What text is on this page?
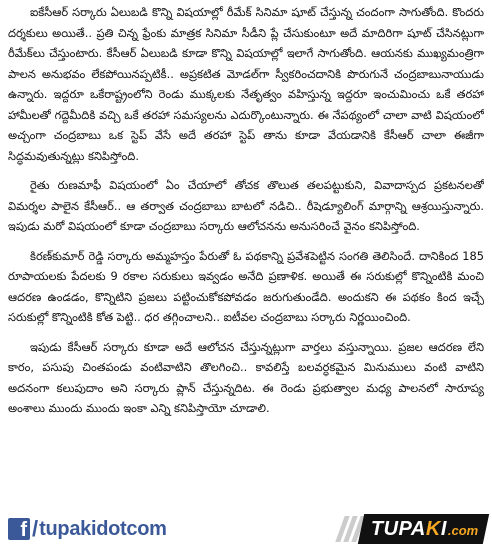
ఐకేసీఆర్ సర్కారు ఏలుబడి కొన్ని విషయాల్లో రీమేక్ సినిమా షూట్ చేస్తున్న చందంగా సాగుతోంది. కొందరు దర్శకులు అయితే.. ప్రతి చిన్న ఫ్రేంకు మాత్రక సినిమా సీడీని ప్లే చేసుకుంటూ అదే మాదిరిగా షూట్ చేసినట్లుగా రీమేక్‌లు చేస్తుంటారు. కేసీఆర్ ఏలుబడి కూడా కొన్ని విషయాల్లో ఇలాగే సాగుతోంది. ఆయనకు ముఖ్యమంత్రిగా పాలన అనుభవం లేకపోయినప్పటికీ.. అప్రకటిత మోడల్‌గా స్వీకరించదానికి పొరుగునే చంద్రబాబునాయుడు ఉన్నారు. ఇద్దరూ ఒకేరాష్ట్రంలోని రెండు ముక్కలకు నేతృత్వం వహిస్తున్న ఇద్దరూ ఇంచుమించు ఒకే తరహా హామీలతో గద్దెమీదికి వచ్చి ఒకే తరహా సమస్యలను ఎదుర్కొంటున్నారు. ఈ నేపథ్యంలో చాలా వాటి విషయంలో అచ్చంగా చంద్రబాబు ఒక స్టెప్ వేసే అదే తరహా స్టెప్ తాను కూడా వేయడానికి కేసీఆర్ చాలా ఈజీగా సిద్ధమవుతున్నట్లు కనిపిస్తోంది.

రైతు రుణమాఫీ విషయంలో ఏం చేయాలో తోచక తొలుత తలపట్టుకుని, వివాదాస్పద ప్రకటనలతో విమర్శల పాలైన కేసీఆర్.. ఆ తర్వాత చంద్రబాబు బాటలో నడిచి.. రీషెడ్యూలింగ్ మార్గాన్ని ఆశ్రయిస్తున్నారు. ఇపుడు మరో విషయంలో కూడా చంద్రబాబు సర్కారు ఆలోచనను అనుసరించే వైనం కనిపిస్తోంది.

కిరణ్‌కుమార్ రెడ్డి సర్కారు అమ్మహస్తం పేరుతో ఓ పథకాన్ని ప్రవేశపెట్టిన సంగతి తెలిసిందే. దానికింద 185 రూపాయలకు పేదలకు 9 రకాల సరుకులు ఇవ్వడం అనేది ప్రణాళిక. అయితే ఈ సరుకుల్లో కొన్నింటికి మంచి ఆదరణ ఉండడం, కొన్నిటిని ప్రజలు పట్టించుకోకపోవడం జరుగుతుండేది. అందుకని ఈ పథకం కింద ఇచ్చే సరుకుల్లో కొన్నింటికి కోత పెట్టి.. ధర తగ్గించాలని.. ఐటీవల చంద్రబాబు సర్కారు నిర్ణయించింది.

ఇపుడు కేసీఆర్ సర్కారు కూడా అదే ఆలోచన చేస్తున్నట్లుగా వార్తలు వస్తున్నాయి. ప్రజల ఆదరణ లేని కారం, పసుపు చింతపండు వంటివాటిని తొలగించి.. కావలిస్తే బలవర్ధకమైన మినుములు వంటి వాటిని అదనంగా కలుపుదాం అని సర్కారు ప్లాన్ చేస్తున్నదిట. ఈ రెండు ప్రభుత్వాల మధ్య పాలనలో సారూప్య అంశాలు ముందు ముందు ఇంకా ఎన్ని కనిపిస్తాయో చూడాలి.

f / tupakidotcom	TUPAKI .com
